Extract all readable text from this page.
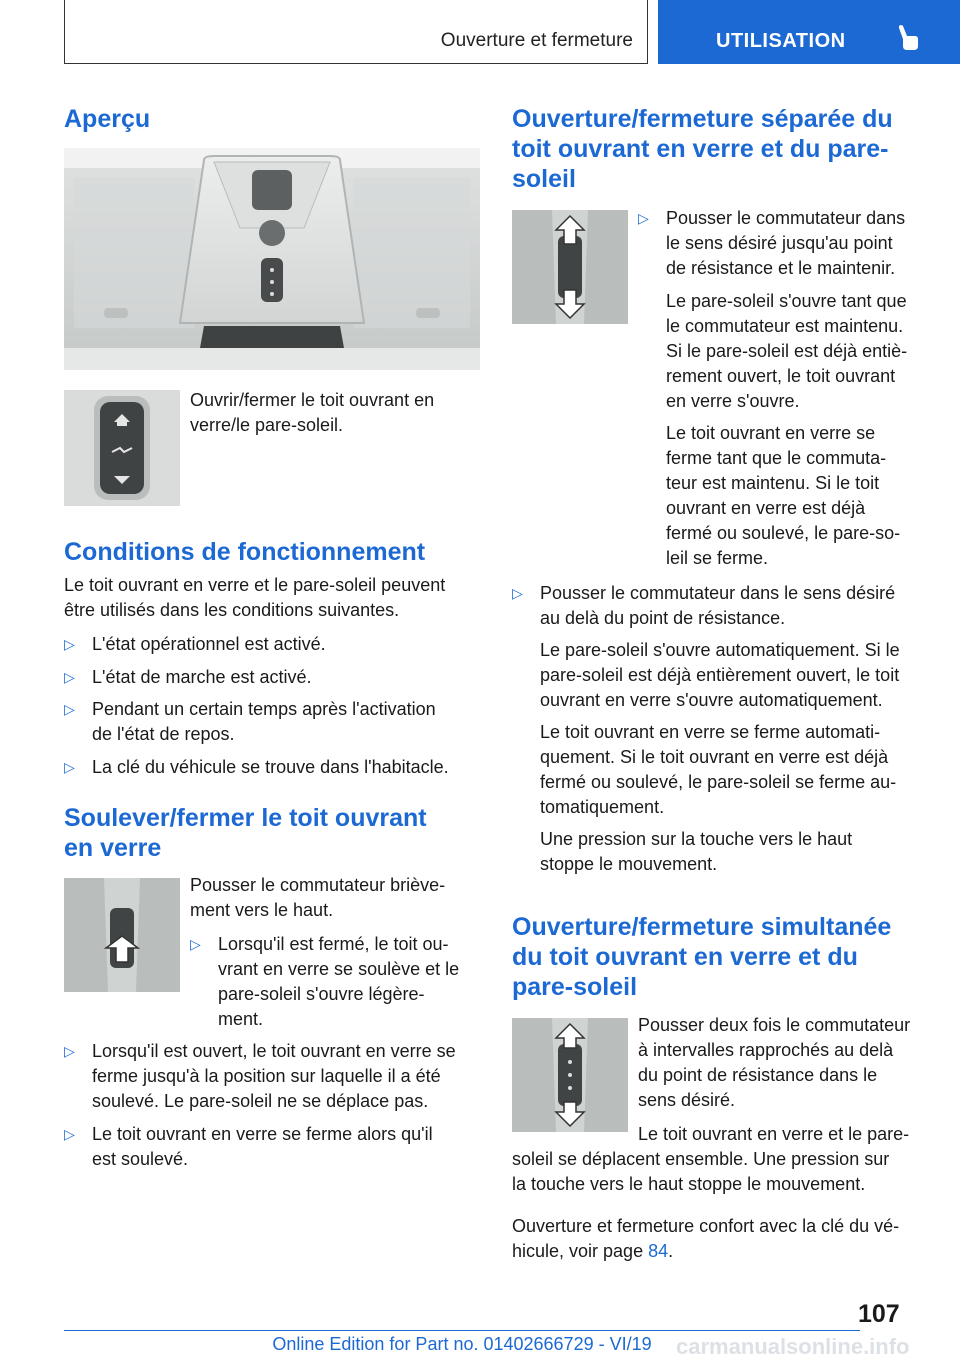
Ouverture et fermeture	UTILISATION
Aperçu

Ouvrir/fermer le toit ouvrant en

verre/le pare-soleil.

Conditions de fonctionnement

Le toit ouvrant en verre et le pare-soleil peuvent

être utilisés dans les conditions suivantes.

▷ L'état opérationnel est activé.
▷ L'état de marche est activé.
▷ Pendant un certain temps après l'activation
de l'état de repos.
▷ La clé du véhicule se trouve dans l'habitacle.
Soulever/fermer le toit ouvrant
en verre

Pousser le commutateur briève-

ment vers le haut.

▷ Lorsqu'il est fermé, le toit ou-
vrant en verre se soulève et le
pare-soleil s'ouvre légère-
ment.
▷ Lorsqu'il est ouvert, le toit ouvrant en verre se
ferme jusqu'à la position sur laquelle il a été
soulevé. Le pare-soleil ne se déplace pas.
▷ Le toit ouvrant en verre se ferme alors qu'il
est soulevé.
Ouverture/fermeture séparée du
toit ouvrant en verre et du pare-
soleil
▷ Pousser le commutateur dans
le sens désiré jusqu'au point
de résistance et le maintenir.

Le pare-soleil s'ouvre tant que

le commutateur est maintenu.

Si le pare-soleil est déjà entiè-

rement ouvert, le toit ouvrant

en verre s'ouvre.

Le toit ouvrant en verre se

ferme tant que le commuta-

teur est maintenu. Si le toit

ouvrant en verre est déjà

fermé ou soulevé, le pare-so-

leil se ferme.

▷ Pousser le commutateur dans le sens désiré
au delà du point de résistance.

Le pare-soleil s'ouvre automatiquement. Si le

pare-soleil est déjà entièrement ouvert, le toit

ouvrant en verre s'ouvre automatiquement.

Le toit ouvrant en verre se ferme automati-

quement. Si le toit ouvrant en verre est déjà

fermé ou soulevé, le pare-soleil se ferme au-

tomatiquement.

Une pression sur la touche vers le haut

stoppe le mouvement.

Ouverture/fermeture simultanée
du toit ouvrant en verre et du
pare-soleil

Pousser deux fois le commutateur

à intervalles rapprochés au delà

du point de résistance dans le

sens désiré.

Le toit ouvrant en verre et le pare-

soleil se déplacent ensemble. Une pression sur

la touche vers le haut stoppe le mouvement.

Ouverture et fermeture confort avec la clé du vé-

hicule, voir page 84.

107
Online Edition for Part no. 01402666729 - VI/19	carmanualsonline.info
